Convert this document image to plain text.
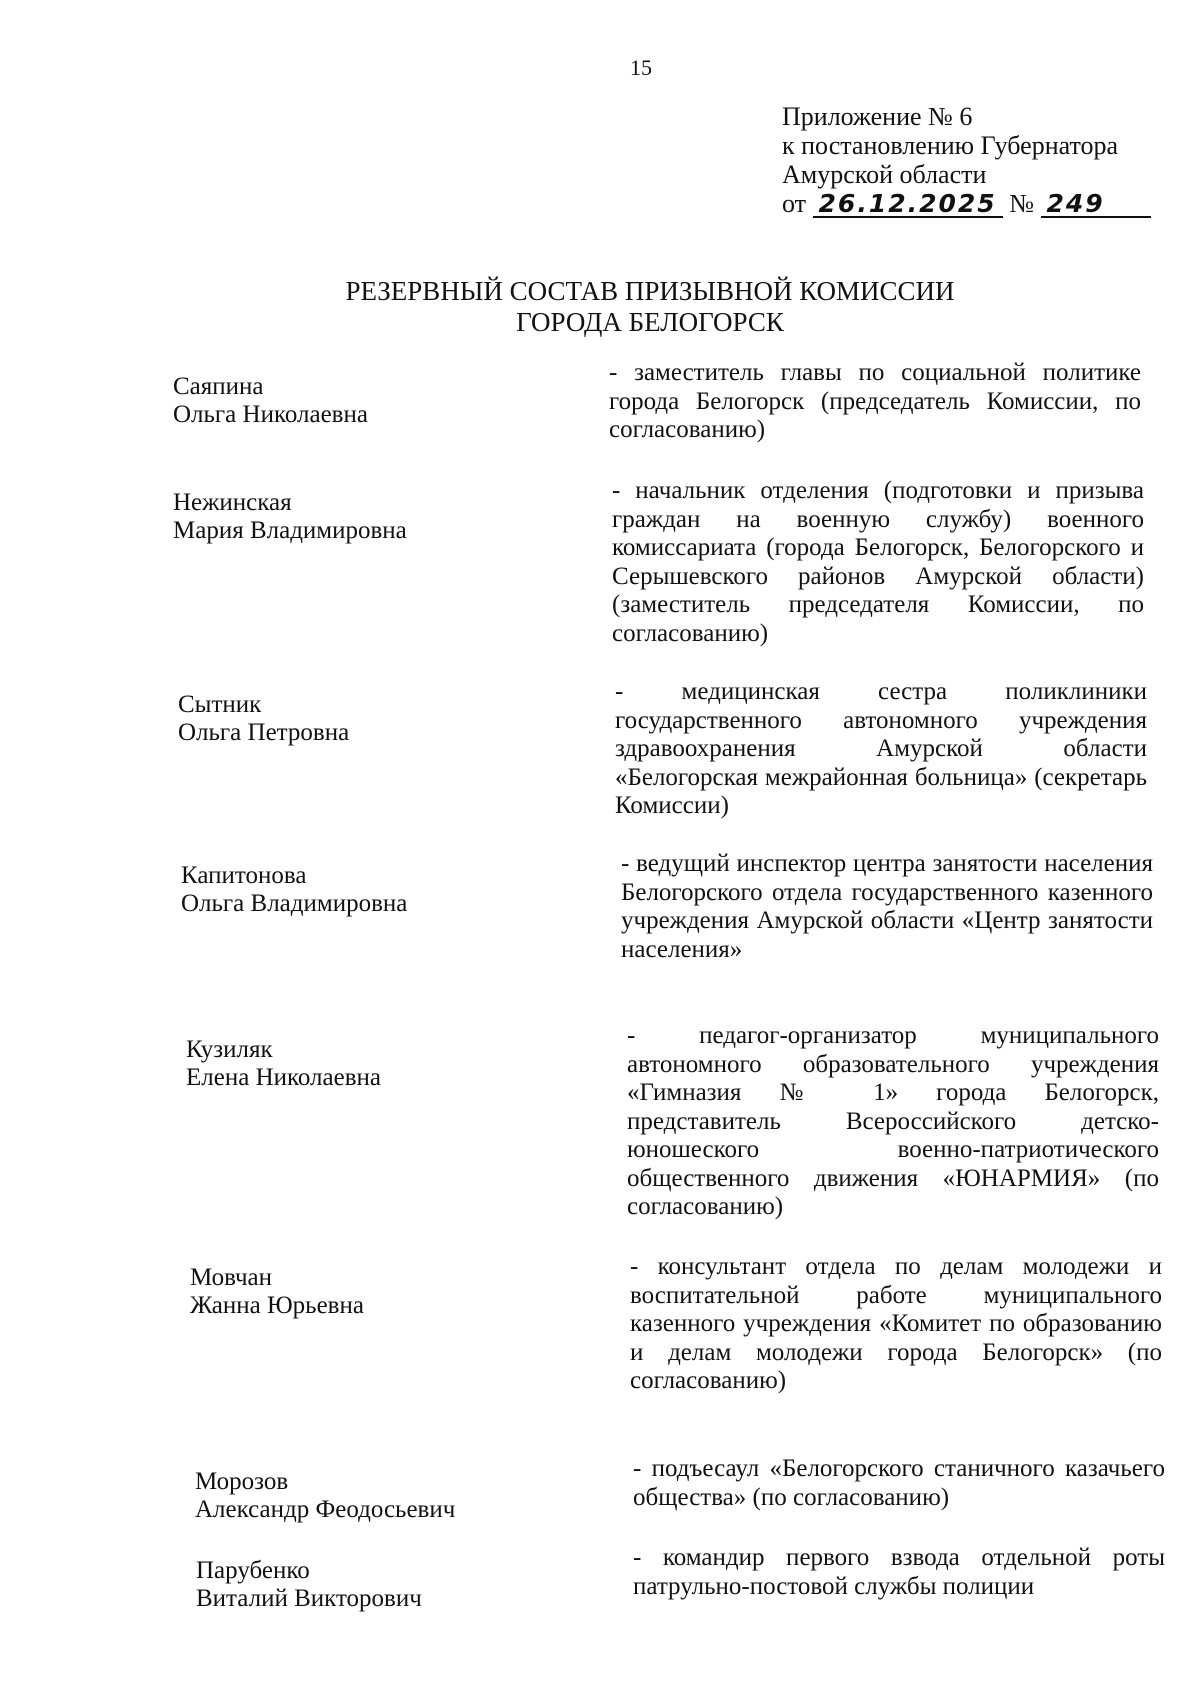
15
Приложение № 6
к постановлению Губернатора
Амурской области
от 26.12.2025 № 249
РЕЗЕРВНЫЙ СОСТАВ ПРИЗЫВНОЙ КОМИССИИ
ГОРОДА БЕЛОГОРСК
Саяпина
Ольга Николаевна
- заместитель главы по социальной политике города Белогорск (председатель Комиссии, по согласованию)
Нежинская
Мария Владимировна
- начальник отделения (подготовки и призыва граждан на военную службу) военного комиссариата (города Белогорск, Белогорского и Серышевского районов Амурской области) (заместитель председателя Комиссии, по согласованию)
Сытник
Ольга Петровна
- медицинская сестра поликлиники государственного автономного учреждения здравоохранения Амурской области «Белогорская межрайонная больница» (секретарь Комиссии)
Капитонова
Ольга Владимировна
- ведущий инспектор центра занятости населения Белогорского отдела государственного казенного учреждения Амурской области «Центр занятости населения»
Кузиляк
Елена Николаевна
- педагог-организатор муниципального автономного образовательного учреждения «Гимназия № 1» города Белогорск, представитель Всероссийского детско-юношеского военно-патриотического общественного движения «ЮНАРМИЯ» (по согласованию)
Мовчан
Жанна Юрьевна
- консультант отдела по делам молодежи и воспитательной работе муниципального казенного учреждения «Комитет по образованию и делам молодежи города Белогорск» (по согласованию)
Морозов
Александр Феодосьевич
- подъесаул «Белогорского станичного казачьего общества» (по согласованию)
Парубенко
Виталий Викторович
- командир первого взвода отдельной роты патрульно-постовой службы полиции
